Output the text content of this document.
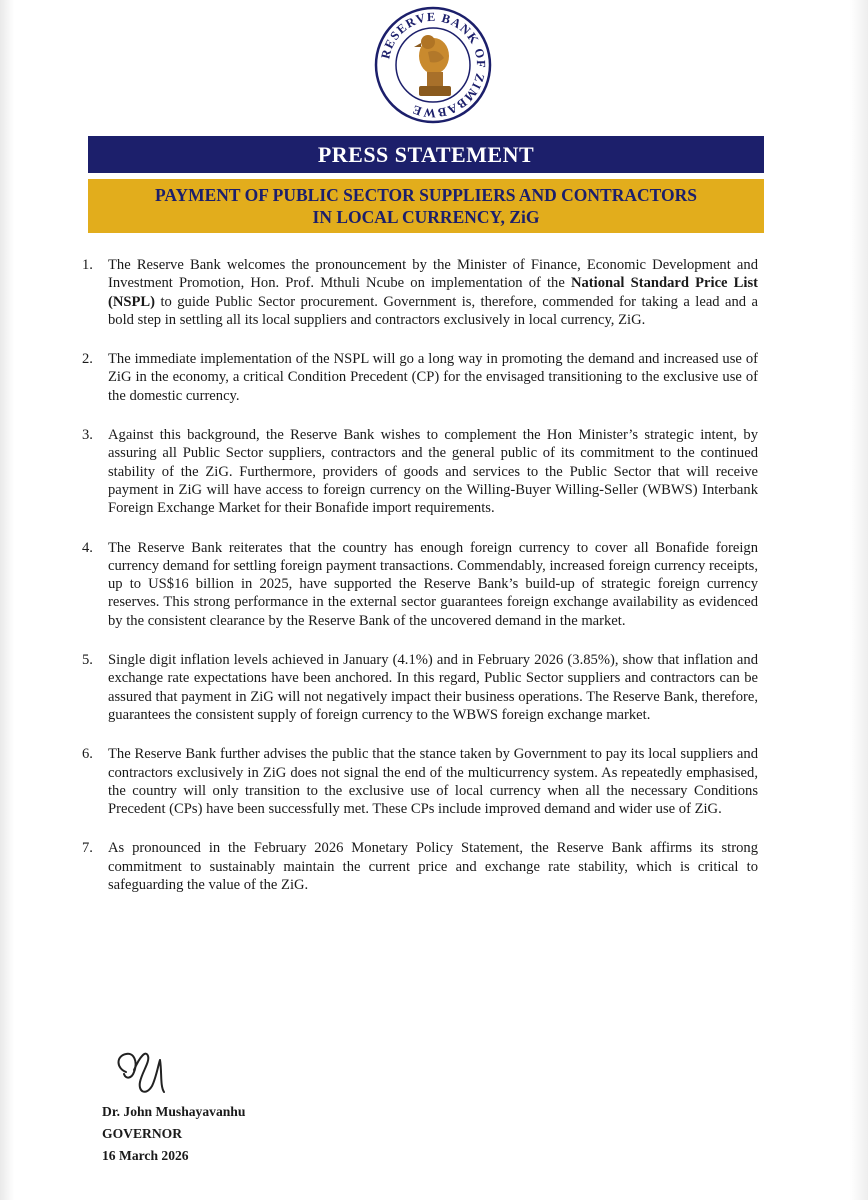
RESERVE BANK OF ZIMBABWE
PRESS STATEMENT
PAYMENT OF PUBLIC SECTOR SUPPLIERS AND CONTRACTORS
IN LOCAL CURRENCY, ZiG
1. The Reserve Bank welcomes the pronouncement by the Minister of Finance, Economic Development and Investment Promotion, Hon. Prof. Mthuli Ncube on implementation of the National Standard Price List (NSPL) to guide Public Sector procurement. Government is, therefore, commended for taking a lead and a bold step in settling all its local suppliers and contractors exclusively in local currency, ZiG.
2. The immediate implementation of the NSPL will go a long way in promoting the demand and increased use of ZiG in the economy, a critical Condition Precedent (CP) for the envisaged transitioning to the exclusive use of the domestic currency.
3. Against this background, the Reserve Bank wishes to complement the Hon Minister’s strategic intent, by assuring all Public Sector suppliers, contractors and the general public of its commitment to the continued stability of the ZiG. Furthermore, providers of goods and services to the Public Sector that will receive payment in ZiG will have access to foreign currency on the Willing-Buyer Willing-Seller (WBWS) Interbank Foreign Exchange Market for their Bonafide import requirements.
4. The Reserve Bank reiterates that the country has enough foreign currency to cover all Bonafide foreign currency demand for settling foreign payment transactions. Commendably, increased foreign currency receipts, up to US$16 billion in 2025, have supported the Reserve Bank’s build-up of strategic foreign currency reserves. This strong performance in the external sector guarantees foreign exchange availability as evidenced by the consistent clearance by the Reserve Bank of the uncovered demand in the market.
5. Single digit inflation levels achieved in January (4.1%) and in February 2026 (3.85%), show that inflation and exchange rate expectations have been anchored. In this regard, Public Sector suppliers and contractors can be assured that payment in ZiG will not negatively impact their business operations. The Reserve Bank, therefore, guarantees the consistent supply of foreign currency to the WBWS foreign exchange market.
6. The Reserve Bank further advises the public that the stance taken by Government to pay its local suppliers and contractors exclusively in ZiG does not signal the end of the multicurrency system. As repeatedly emphasised, the country will only transition to the exclusive use of local currency when all the necessary Conditions Precedent (CPs) have been successfully met. These CPs include improved demand and wider use of ZiG.
7. As pronounced in the February 2026 Monetary Policy Statement, the Reserve Bank affirms its strong commitment to sustainably maintain the current price and exchange rate stability, which is critical to safeguarding the value of the ZiG.
Dr. John Mushayavanhu
GOVERNOR
16 March 2026
